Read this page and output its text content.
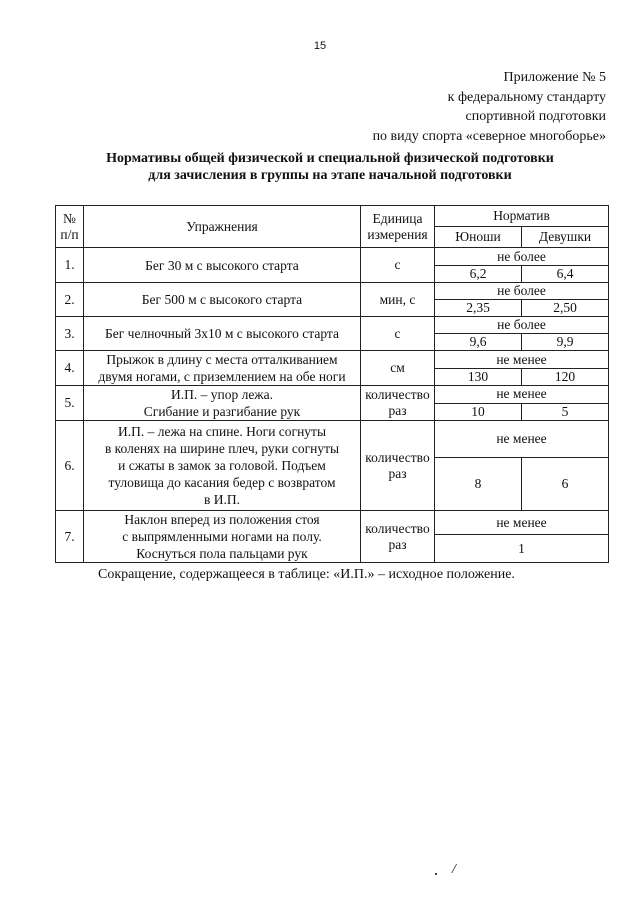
15
Приложение № 5
к федеральному стандарту
спортивной подготовки
по виду спорта «северное многоборье»
Нормативы общей физической и специальной физической подготовки
для зачисления в группы на этапе начальной подготовки
№
п/п	Упражнения	Единица
измерения	Норматив	
			Юноши	Девушки
1.	Бег 30 м с высокого старта	с	не более	
			6,2	6,4
2.	Бег 500 м с высокого старта	мин, с	не более	
			2,35	2,50
3.	Бег челночный 3х10 м с высокого старта	с	не более	
			9,6	9,9
4.	Прыжок в длину с места отталкиванием
двумя ногами, с приземлением на обе ноги	см	не менее	
			130	120
5.	И.П. – упор лежа.
Сгибание и разгибание рук	количество
раз	не менее	
			10	5
6.	И.П. – лежа на спине. Ноги согнуты
в коленях на ширине плеч, руки согнуты
и сжаты в замок за головой. Подъем
туловища до касания бедер с возвратом
в И.П.	количество
раз	не менее	
			8	6
7.	Наклон вперед из положения стоя
с выпрямленными ногами на полу.
Коснуться пола пальцами рук	количество
раз	не менее	
			1	
Сокращение, содержащееся в таблице: «И.П.» – исходное положение.
/
